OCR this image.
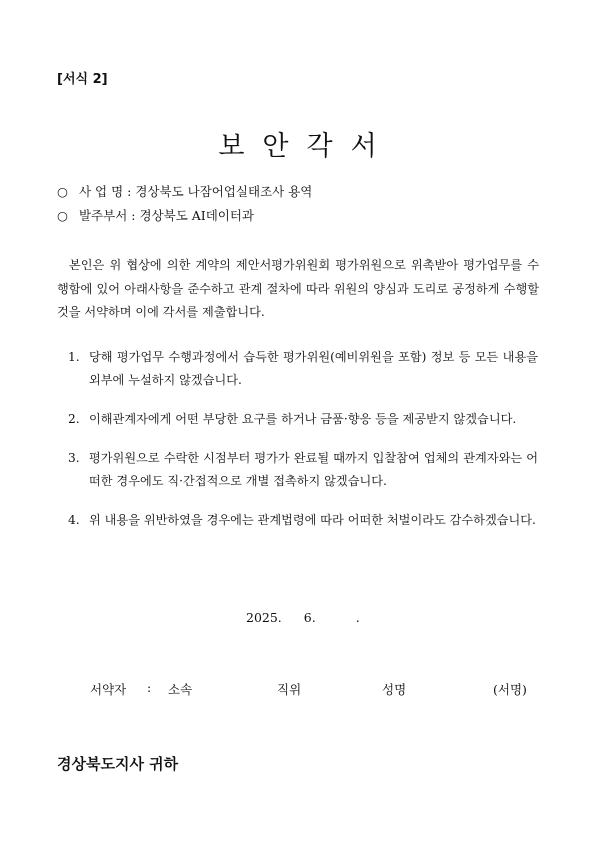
[서식 2]
보안각서
○ 사 업 명 : 경상북도 나잠어업실태조사 용역
○ 발주부서 : 경상북도 AI데이터과
본인은 위 협상에 의한 계약의 제안서평가위원회 평가위원으로 위촉받아 평가업무를 수행함에 있어 아래사항을 준수하고 관계 절차에 따라 위원의 양심과 도리로 공정하게 수행할 것을 서약하며 이에 각서를 제출합니다.
1. 당해 평가업무 수행과정에서 습득한 평가위원(예비위원을 포함) 정보 등 모든 내용을 외부에 누설하지 않겠습니다.
2. 이해관계자에게 어떤 부당한 요구를 하거나 금품·향응 등을 제공받지 않겠습니다.
3. 평가위원으로 수락한 시점부터 평가가 완료될 때까지 입찰참여 업체의 관계자와는 어떠한 경우에도 직·간접적으로 개별 접촉하지 않겠습니다.
4. 위 내용을 위반하였을 경우에는 관계법령에 따라 어떠한 처벌이라도 감수하겠습니다.
2025. 6.	.
서약자 : 소속	직위	성명	(서명)
경상북도지사 귀하
